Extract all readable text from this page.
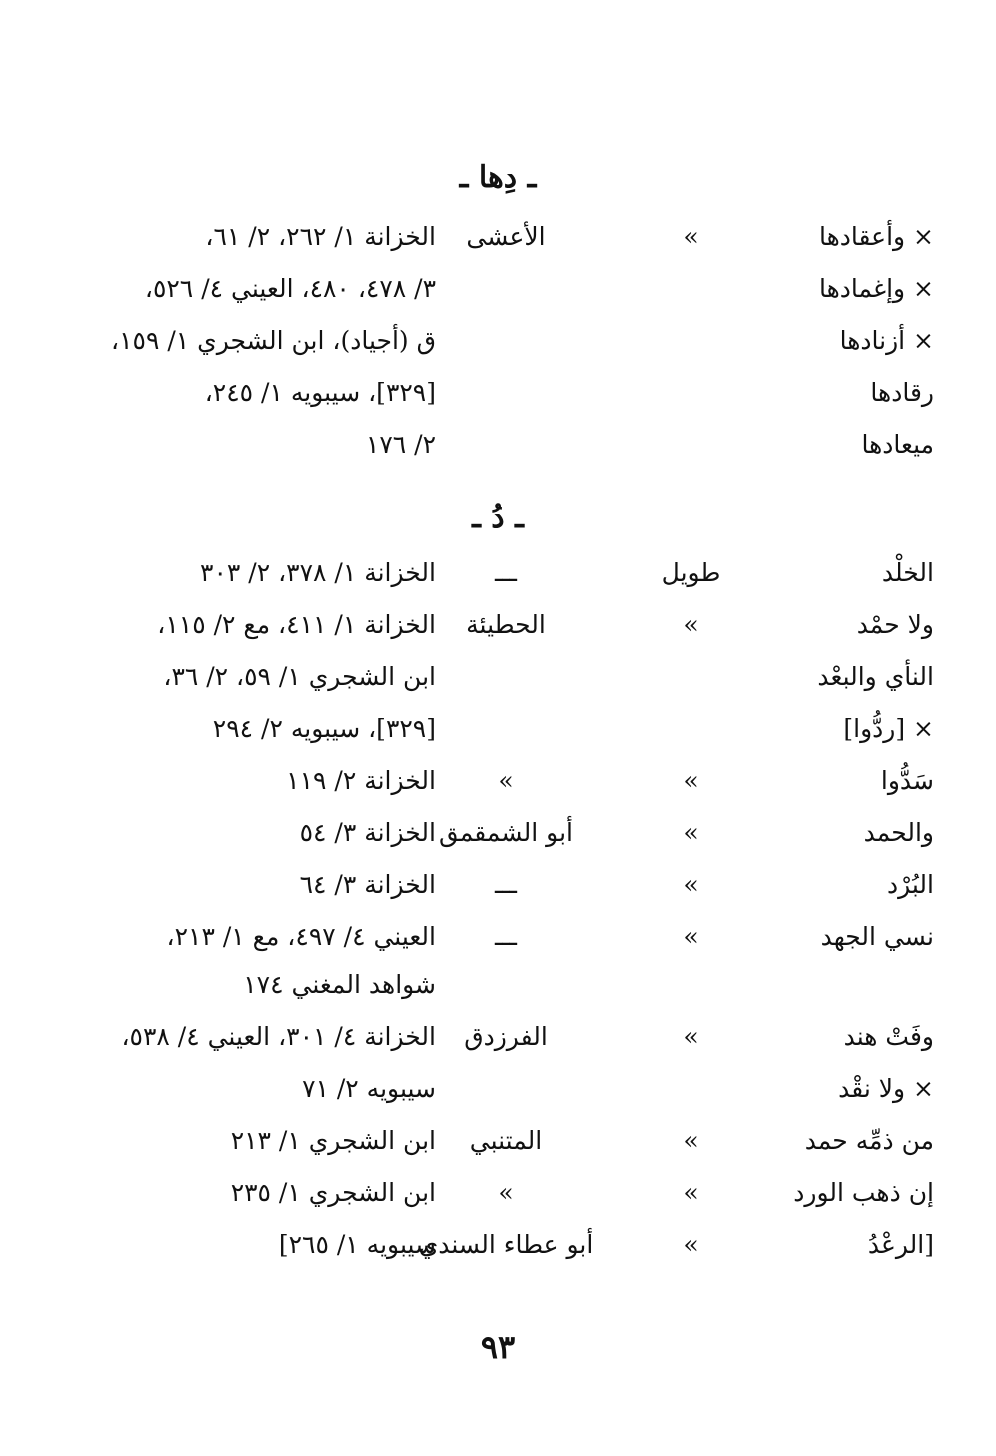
ـ دِها ـ
× وأعقادها
»
الأعشى
الخزانة ١/ ٢٦٢، ٢/ ٦١،
× وإغمادها
٣/ ٤٧٨، ٤٨٠، العيني ٤/ ٥٢٦،
× أزنادها
ق (أجياد)، ابن الشجري ١/ ١٥٩،
رقادها
[٣٢٩]، سيبويه ١/ ٢٤٥،
ميعادها
٢/ ١٧٦
ـ دُ ـ
الخلْد
طويل
ـــ
الخزانة ١/ ٣٧٨، ٢/ ٣٠٣
ولا حمْد
»
الحطيئة
الخزانة ١/ ٤١١، مع ٢/ ١١٥،
النأي والبعْد
ابن الشجري ١/ ٥٩، ٢/ ٣٦،
× [ردُّوا]
[٣٢٩]، سيبويه ٢/ ٢٩٤
سَدُّوا
»
»
الخزانة ٢/ ١١٩
والحمد
»
أبو الشمقمق
الخزانة ٣/ ٥٤
البُرْد
»
ـــ
الخزانة ٣/ ٦٤
نسي الجهد
»
ـــ
العيني ٤/ ٤٩٧، مع ١/ ٢١٣،
شواهد المغني ١٧٤
وفَتْ هند
»
الفرزدق
الخزانة ٤/ ٣٠١، العيني ٤/ ٥٣٨،
× ولا نقْد
سيبويه ٢/ ٧١
من ذمِّه حمد
»
المتنبي
ابن الشجري ١/ ٢١٣
إن ذهب الورد
»
»
ابن الشجري ١/ ٢٣٥
[الرعْدُ
»
أبو عطاء السندي
سيبويه ١/ ٢٦٥]
٩٣
